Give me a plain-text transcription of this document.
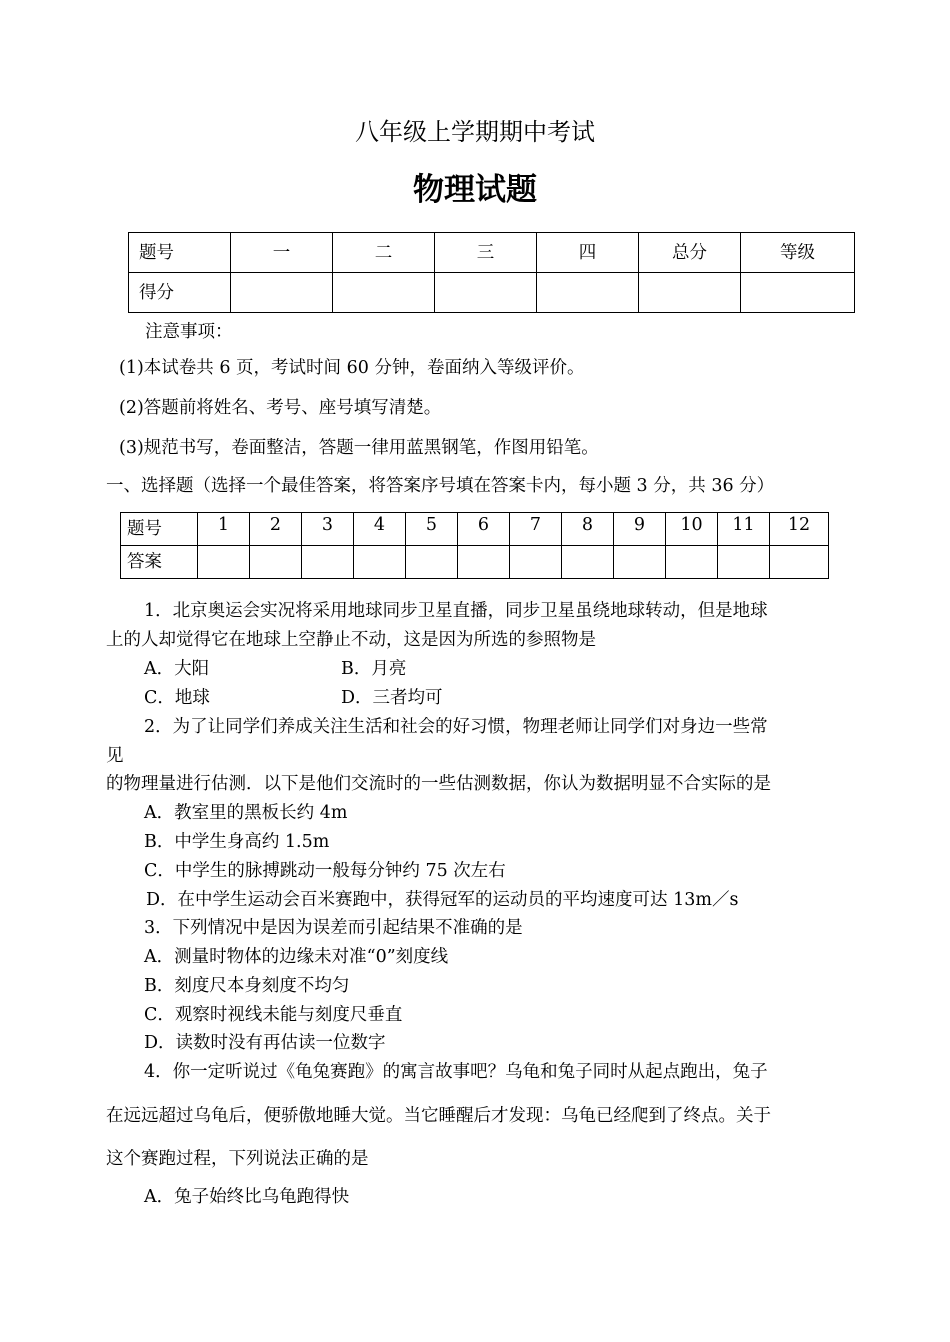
八年级上学期期中考试
物理试题
题号	一	二	三	四	总分	等级
得分						
注意事项：
(1)本试卷共 6 页，考试时间 60 分钟，卷面纳入等级评价。
(2)答题前将姓名、考号、座号填写清楚。
(3)规范书写，卷面整洁，答题一律用蓝黑钢笔，作图用铅笔。
一、选择题（选择一个最佳答案，将答案序号填在答案卡内，每小题 3 分，共 36 分）
题号	1	2	3	4	5	6	7	8	9	10	11	12
答案												
1．北京奥运会实况将采用地球同步卫星直播，同步卫星虽绕地球转动，但是地球
上的人却觉得它在地球上空静止不动，这是因为所选的参照物是
A．大阳	B．月亮
C．地球	D．三者均可
2．为了让同学们养成关注生活和社会的好习惯，物理老师让同学们对身边一些常
见
的物理量进行估测．以下是他们交流时的一些估测数据，你认为数据明显不合实际的是
A．教室里的黑板长约 4m
B．中学生身高约 1.5m
C．中学生的脉搏跳动一般每分钟约 75 次左右
D．在中学生运动会百米赛跑中，获得冠军的运动员的平均速度可达 13m／s
3．下列情况中是因为误差而引起结果不准确的是
A．测量时物体的边缘未对准“0”刻度线
B．刻度尺本身刻度不均匀
C．观察时视线未能与刻度尺垂直
D．读数时没有再估读一位数字
4．你一定听说过《龟兔赛跑》的寓言故事吧？乌龟和兔子同时从起点跑出，兔子
在远远超过乌龟后，便骄傲地睡大觉。当它睡醒后才发现：乌龟已经爬到了终点。关于
这个赛跑过程，下列说法正确的是
A．兔子始终比乌龟跑得快
